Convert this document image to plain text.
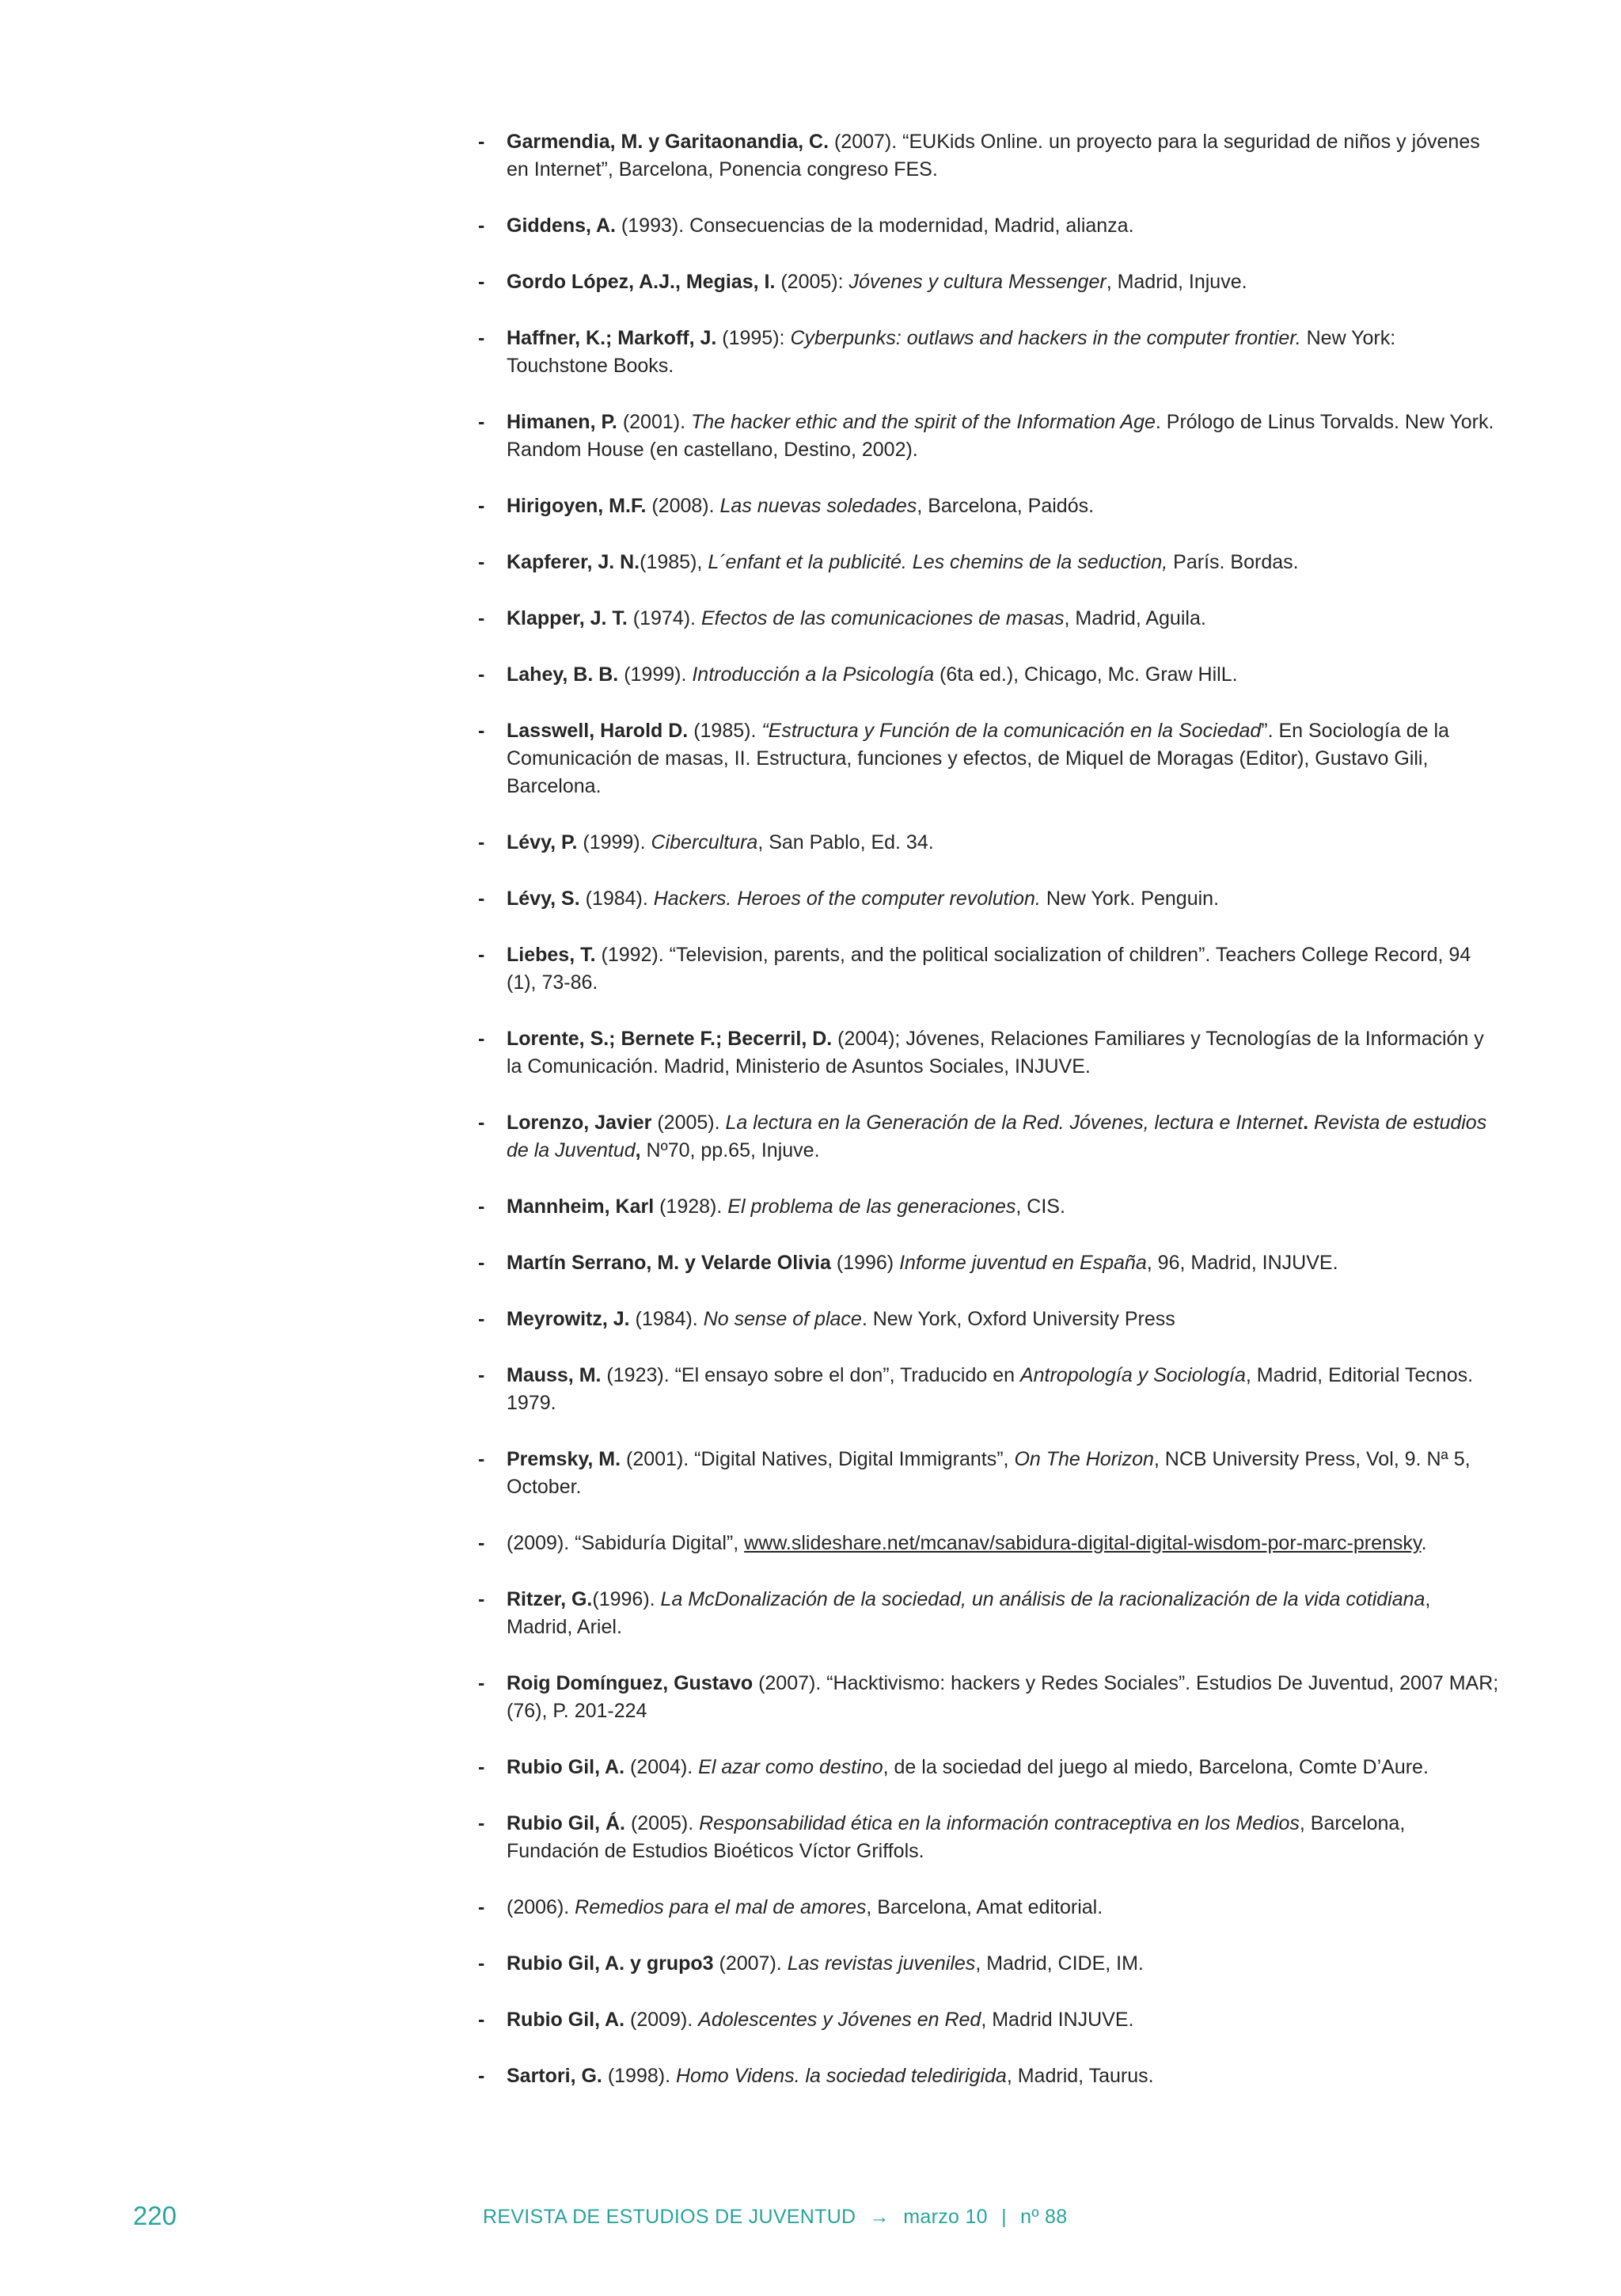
- Garmendia, M. y Garitaonandia, C. (2007). “EUKids Online. un proyecto para la seguridad de niños y jóvenes en Internet”, Barcelona, Ponencia congreso FES.
- Giddens, A. (1993). Consecuencias de la modernidad, Madrid, alianza.
- Gordo López, A.J., Megias, I. (2005): Jóvenes y cultura Messenger, Madrid, Injuve.
- Haffner, K.; Markoff, J. (1995): Cyberpunks: outlaws and hackers in the computer frontier. New York: Touchstone Books.
- Himanen, P. (2001). The hacker ethic and the spirit of the Information Age. Prólogo de Linus Torvalds. New York. Random House (en castellano, Destino, 2002).
- Hirigoyen, M.F. (2008). Las nuevas soledades, Barcelona, Paidós.
- Kapferer, J. N.(1985), L´enfant et la publicité. Les chemins de la seduction, París. Bordas.
- Klapper, J. T. (1974). Efectos de las comunicaciones de masas, Madrid, Aguila.
- Lahey, B. B. (1999). Introducción a la Psicología (6ta ed.), Chicago, Mc. Graw HilL.
- Lasswell, Harold D. (1985). “Estructura y Función de la comunicación en la Sociedad”. En Sociología de la Comunicación de masas, II. Estructura, funciones y efectos, de Miquel de Moragas (Editor), Gustavo Gili, Barcelona.
- Lévy, P. (1999). Cibercultura, San Pablo, Ed. 34.
- Lévy, S. (1984). Hackers. Heroes of the computer revolution. New York. Penguin.
- Liebes, T. (1992). “Television, parents, and the political socialization of children”. Teachers College Record, 94 (1), 73-86.
- Lorente, S.; Bernete F.; Becerril, D. (2004); Jóvenes, Relaciones Familiares y Tecnologías de la Información y la Comunicación. Madrid, Ministerio de Asuntos Sociales, INJUVE.
- Lorenzo, Javier (2005). La lectura en la Generación de la Red. Jóvenes, lectura e Internet. Revista de estudios de la Juventud, Nº70, pp.65, Injuve.
- Mannheim, Karl (1928). El problema de las generaciones, CIS.
- Martín Serrano, M. y Velarde Olivia (1996) Informe juventud en España, 96, Madrid, INJUVE.
- Meyrowitz, J. (1984). No sense of place. New York, Oxford University Press
- Mauss, M. (1923). “El ensayo sobre el don”, Traducido en Antropología y Sociología, Madrid, Editorial Tecnos. 1979.
- Premsky, M. (2001). “Digital Natives, Digital Immigrants”, On The Horizon, NCB University Press, Vol, 9. Nª 5, October.
- (2009). “Sabiduría Digital”, www.slideshare.net/mcanav/sabidura-digital-digital-wisdom-por-marc-prensky.
- Ritzer, G.(1996). La McDonalización de la sociedad, un análisis de la racionalización de la vida cotidiana, Madrid, Ariel.
- Roig Domínguez, Gustavo (2007). “Hacktivismo: hackers y Redes Sociales”. Estudios De Juventud, 2007 MAR; (76), P. 201-224
- Rubio Gil, A. (2004). El azar como destino, de la sociedad del juego al miedo, Barcelona, Comte D’Aure.
- Rubio Gil, Á. (2005). Responsabilidad ética en la información contraceptiva en los Medios, Barcelona, Fundación de Estudios Bioéticos Víctor Griffols.
- (2006). Remedios para el mal de amores, Barcelona, Amat editorial.
- Rubio Gil, A. y grupo3 (2007). Las revistas juveniles, Madrid, CIDE, IM.
- Rubio Gil, A. (2009). Adolescentes y Jóvenes en Red, Madrid INJUVE.
- Sartori, G. (1998). Homo Videns. la sociedad teledirigida, Madrid, Taurus.
220	REVISTA DE ESTUDIOS DE JUVENTUD → marzo 10 | nº 88
